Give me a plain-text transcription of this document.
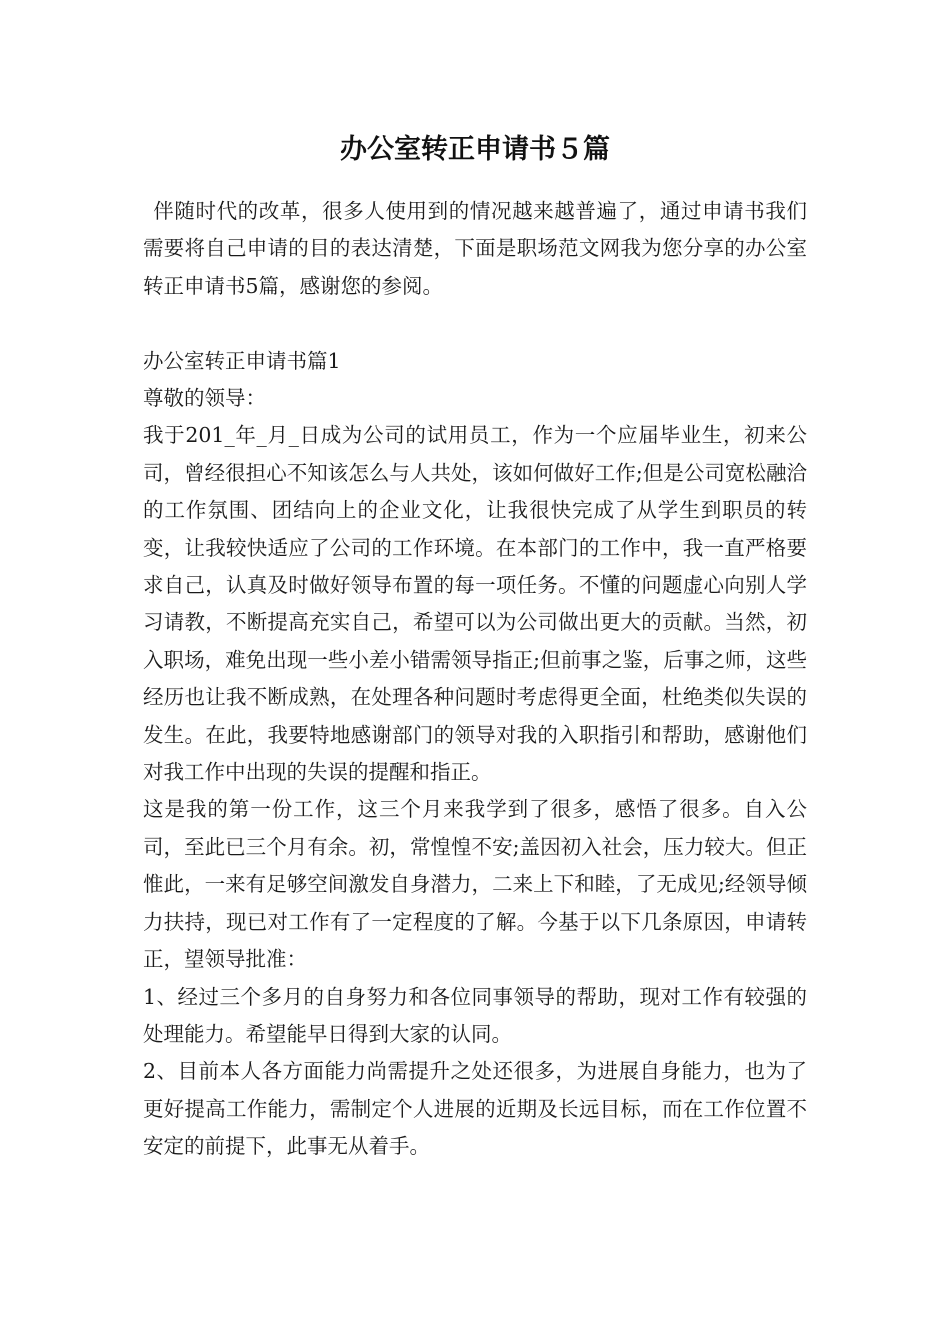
办公室转正申请书５篇

伴随时代的改革，很多人使用到的情况越来越普遍了，通过申请书我们需要将自己申请的目的表达清楚，下面是职场范文网我为您分享的办公室转正申请书5篇，感谢您的参阅。

办公室转正申请书篇1

尊敬的领导：

我于201_年_月_日成为公司的试用员工，作为一个应届毕业生，初来公司，曾经很担心不知该怎么与人共处，该如何做好工作;但是公司宽松融洽的工作氛围、团结向上的企业文化，让我很快完成了从学生到职员的转变，让我较快适应了公司的工作环境。在本部门的工作中，我一直严格要求自己，认真及时做好领导布置的每一项任务。不懂的问题虚心向别人学习请教，不断提高充实自己，希望可以为公司做出更大的贡献。当然，初入职场，难免出现一些小差小错需领导指正;但前事之鉴，后事之师，这些经历也让我不断成熟，在处理各种问题时考虑得更全面，杜绝类似失误的发生。在此，我要特地感谢部门的领导对我的入职指引和帮助，感谢他们对我工作中出现的失误的提醒和指正。

这是我的第一份工作，这三个月来我学到了很多，感悟了很多。自入公司，至此已三个月有余。初，常惶惶不安;盖因初入社会，压力较大。但正惟此，一来有足够空间激发自身潜力，二来上下和睦，了无成见;经领导倾力扶持，现已对工作有了一定程度的了解。今基于以下几条原因，申请转正，望领导批准：

1、经过三个多月的自身努力和各位同事领导的帮助，现对工作有较强的处理能力。希望能早日得到大家的认同。

2、目前本人各方面能力尚需提升之处还很多，为进展自身能力，也为了更好提高工作能力，需制定个人进展的近期及长远目标，而在工作位置不安定的前提下，此事无从着手。
